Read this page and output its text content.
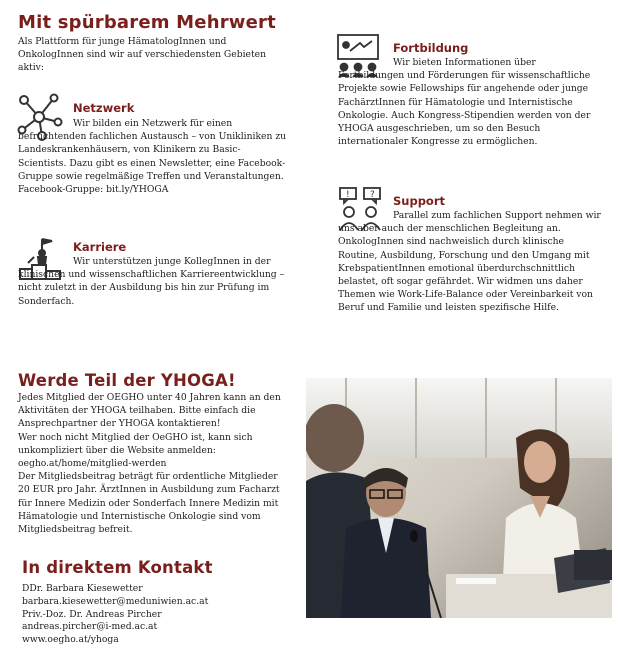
Mit spürbarem Mehrwert
Als Plattform für junge HämatologInnen und OnkologInnen sind wir auf verschiedensten Gebieten aktiv:
Netzwerk
Wir bilden ein Netzwerk für einen befruchtenden fachlichen Austausch – von Unikliniken zu Landeskrankenhäusern, von Klinikern zu Basic-Scientists. Dazu gibt es einen Newsletter, eine Facebook-Gruppe sowie regelmäßige Treffen und Veranstaltungen.
Facebook-Gruppe: bit.ly/YHOGA
Karriere
Wir unterstützen junge KollegInnen in der klinischen und wissenschaftlichen Karriereentwicklung – nicht zuletzt in der Ausbildung bis hin zur Prüfung im Sonderfach.
Fortbildung
Wir bieten Informationen über Fortbildungen und Förderungen für wissenschaftliche Projekte sowie Fellowships für angehende oder junge FachärztInnen für Hämatologie und Internistische Onkologie. Auch Kongress-Stipendien werden von der YHOGA ausgeschrieben, um so den Besuch internationaler Kongresse zu ermöglichen.
! ? Support
Parallel zum fachlichen Support nehmen wir uns aber auch der menschlichen Begleitung an. OnkologInnen sind nachweislich durch klinische Routine, Ausbildung, Forschung und den Umgang mit KrebspatientInnen emotional überdurchschnittlich belastet, oft sogar gefährdet. Wir widmen uns daher Themen wie Work-Life-Balance oder Vereinbarkeit von Beruf und Familie und leisten spezifische Hilfe.
Werde Teil der YHOGA!
Jedes Mitglied der OEGHO unter 40 Jahren kann an den Aktivitäten der YHOGA teilhaben. Bitte einfach die Ansprechpartner der YHOGA kontaktieren!
Wer noch nicht Mitglied der OeGHO ist, kann sich unkompliziert über die Website anmelden:
oegho.at/home/mitglied-werden
Der Mitgliedsbeitrag beträgt für ordentliche Mitglieder 20 EUR pro Jahr. ÄrztInnen in Ausbildung zum Facharzt für Innere Medizin oder Sonderfach Innere Medizin mit Hämatologie und Internistische Onkologie sind vom Mitgliedsbeitrag befreit.
In direktem Kontakt
DDr. Barbara Kiesewetter
barbara.kiesewetter@meduniwien.ac.at
Priv.-Doz. Dr. Andreas Pircher
andreas.pircher@i-med.ac.at
www.oegho.at/yhoga
